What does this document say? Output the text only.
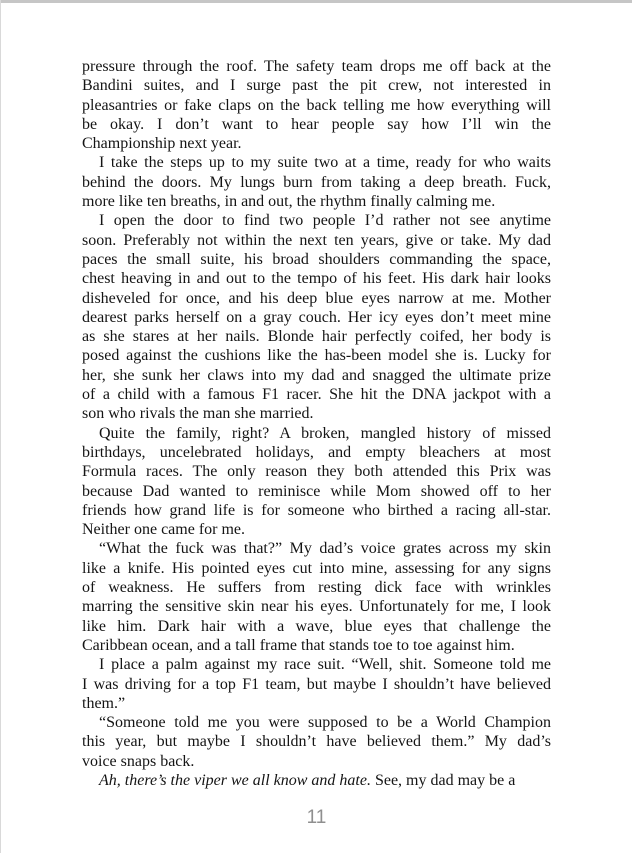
pressure through the roof. The safety team drops me off back at the
Bandini suites, and I surge past the pit crew, not interested in
pleasantries or fake claps on the back telling me how everything will
be okay. I don’t want to hear people say how I’ll win the
Championship next year.
I take the steps up to my suite two at a time, ready for who waits
behind the doors. My lungs burn from taking a deep breath. Fuck,
more like ten breaths, in and out, the rhythm finally calming me.
I open the door to find two people I’d rather not see anytime
soon. Preferably not within the next ten years, give or take. My dad
paces the small suite, his broad shoulders commanding the space,
chest heaving in and out to the tempo of his feet. His dark hair looks
disheveled for once, and his deep blue eyes narrow at me. Mother
dearest parks herself on a gray couch. Her icy eyes don’t meet mine
as she stares at her nails. Blonde hair perfectly coifed, her body is
posed against the cushions like the has-been model she is. Lucky for
her, she sunk her claws into my dad and snagged the ultimate prize
of a child with a famous F1 racer. She hit the DNA jackpot with a
son who rivals the man she married.
Quite the family, right? A broken, mangled history of missed
birthdays, uncelebrated holidays, and empty bleachers at most
Formula races. The only reason they both attended this Prix was
because Dad wanted to reminisce while Mom showed off to her
friends how grand life is for someone who birthed a racing all-star.
Neither one came for me.
“What the fuck was that?” My dad’s voice grates across my skin
like a knife. His pointed eyes cut into mine, assessing for any signs
of weakness. He suffers from resting dick face with wrinkles
marring the sensitive skin near his eyes. Unfortunately for me, I look
like him. Dark hair with a wave, blue eyes that challenge the
Caribbean ocean, and a tall frame that stands toe to toe against him.
I place a palm against my race suit. “Well, shit. Someone told me
I was driving for a top F1 team, but maybe I shouldn’t have believed
them.”
“Someone told me you were supposed to be a World Champion
this year, but maybe I shouldn’t have believed them.” My dad’s
voice snaps back.
Ah, there’s the viper we all know and hate. See, my dad may be a
11
